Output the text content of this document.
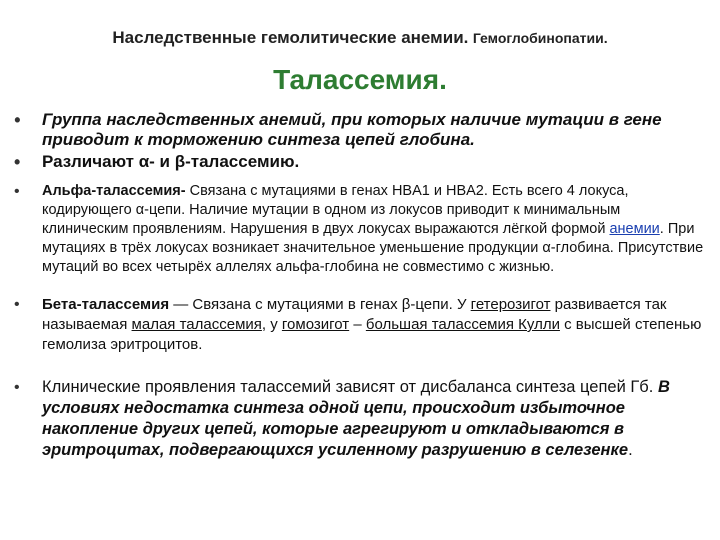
Наследственные гемолитические анемии. Гемоглобинопатии.
Талассемия.
• Группа наследственных анемий, при которых наличие мутации в гене приводит к торможению синтеза цепей глобина.
• Различают α- и β-талассемию.
• Альфа-талассемия- Связана с мутациями в генах HBA1 и HBA2. Есть всего 4 локуса, кодирующего α-цепи. Наличие мутации в одном из локусов приводит к минимальным клиническим проявлениям. Нарушения в двух локусах выражаются лёгкой формой анемии. При мутациях в трёх локусах возникает значительное уменьшение продукции α-глобина. Присутствие мутаций во всех четырёх аллелях альфа-глобина не совместимо с жизнью.
• Бета-талассемия — Связана с мутациями в генах β-цепи. У гетерозигот развивается так называемая малая талассемия, у гомозигот – большая талассемия Кулли с высшей степенью гемолиза эритроцитов.
• Клинические проявления талассемий зависят от дисбаланса синтеза цепей Гб. В условиях недостатка синтеза одной цепи, происходит избыточное накопление других цепей, которые агрегируют и откладываются в эритроцитах, подвергающихся усиленному разрушению в селезенке.
